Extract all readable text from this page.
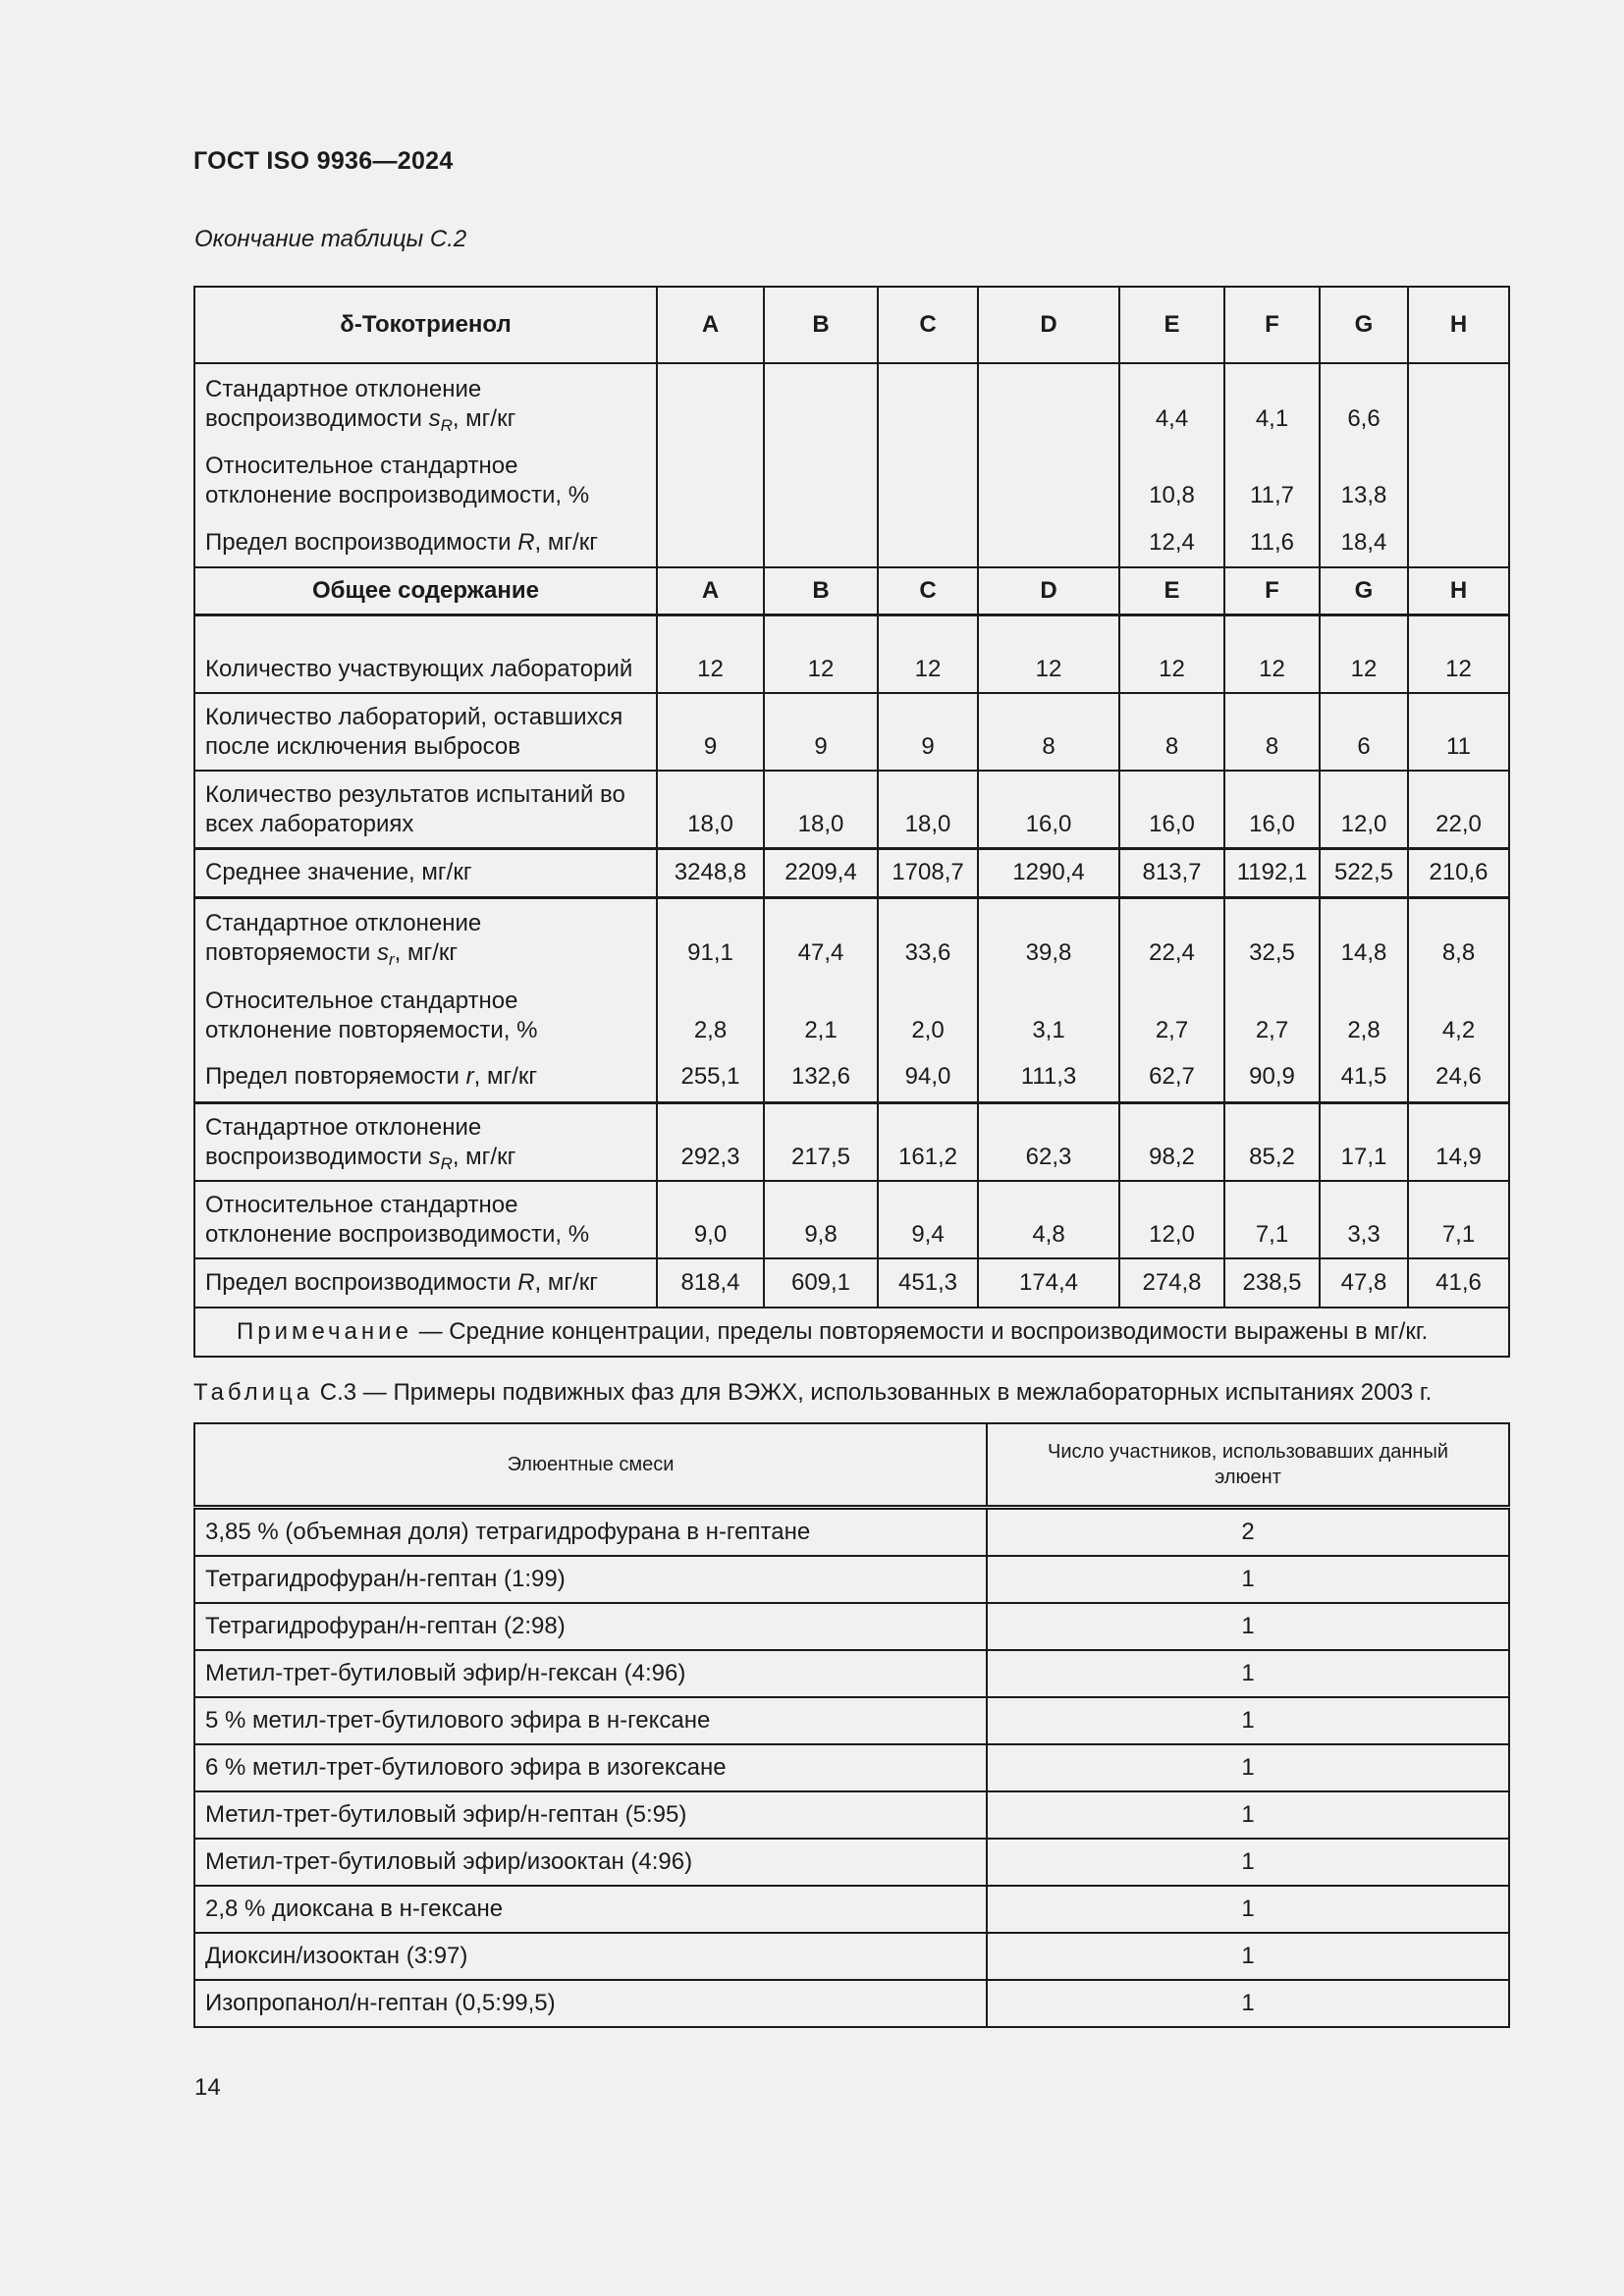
ГОСТ ISO 9936—2024
Окончание таблицы С.2
δ-Токотриенол	A	B	C	D	E	F	G	H
Стандартное отклонение воспроизводимости $s_R$, мг/кг					4,4	4,1	6,6	
Относительное стандартное отклонение воспроизводимости, %					10,8	11,7	13,8	
Предел воспроизводимости R, мг/кг					12,4	11,6	18,4	
Общее содержание	A	B	C	D	E	F	G	H
Количество участвующих лабораторий	12	12	12	12	12	12	12	12
Количество лабораторий, оставшихся после исключения выбросов	9	9	9	8	8	8	6	11
Количество результатов испытаний во всех лабораториях	18,0	18,0	18,0	16,0	16,0	16,0	12,0	22,0
Среднее значение, мг/кг	3248,8	2209,4	1708,7	1290,4	813,7	1192,1	522,5	210,6
Стандартное отклонение повторяемости $s_r$, мг/кг	91,1	47,4	33,6	39,8	22,4	32,5	14,8	8,8
Относительное стандартное отклонение повторяемости, %	2,8	2,1	2,0	3,1	2,7	2,7	2,8	4,2
Предел повторяемости r, мг/кг	255,1	132,6	94,0	111,3	62,7	90,9	41,5	24,6
Стандартное отклонение воспроизводимости $s_R$, мг/кг	292,3	217,5	161,2	62,3	98,2	85,2	17,1	14,9
Относительное стандартное отклонение воспроизводимости, %	9,0	9,8	9,4	4,8	12,0	7,1	3,3	7,1
Предел воспроизводимости R, мг/кг	818,4	609,1	451,3	174,4	274,8	238,5	47,8	41,6
Примечание — Средние концентрации, пределы повторяемости и воспроизводимости выражены в мг/кг.								
Таблица С.3 — Примеры подвижных фаз для ВЭЖХ, использованных в межлабораторных испытаниях 2003 г.
Элюентные смеси	Число участников, использовавших данный элюент
3,85 % (объемная доля) тетрагидрофурана в н-гептане	2
Тетрагидрофуран/н-гептан (1:99)	1
Тетрагидрофуран/н-гептан (2:98)	1
Метил-трет-бутиловый эфир/н-гексан (4:96)	1
5 % метил-трет-бутилового эфира в н-гексане	1
6 % метил-трет-бутилового эфира в изогексане	1
Метил-трет-бутиловый эфир/н-гептан (5:95)	1
Метил-трет-бутиловый эфир/изооктан (4:96)	1
2,8 % диоксана в н-гексане	1
Диоксин/изооктан (3:97)	1
Изопропанол/н-гептан (0,5:99,5)	1
14
